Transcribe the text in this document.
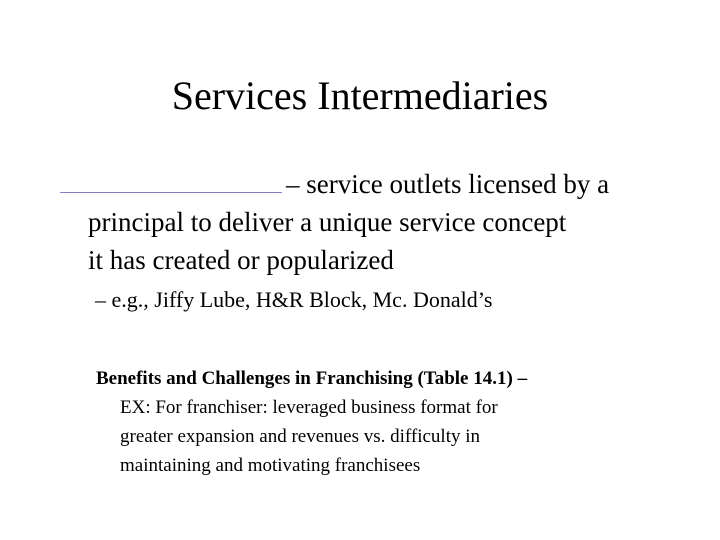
Services Intermediaries
– service outlets licensed by a
principal to deliver a unique service concept
it has created or popularized

– e.g., Jiffy Lube, H&R Block, Mc. Donald’s

Benefits and Challenges in Franchising (Table 14.1) –
EX: For franchiser: leveraged business format for
greater expansion and revenues vs. difficulty in
maintaining and motivating franchisees
